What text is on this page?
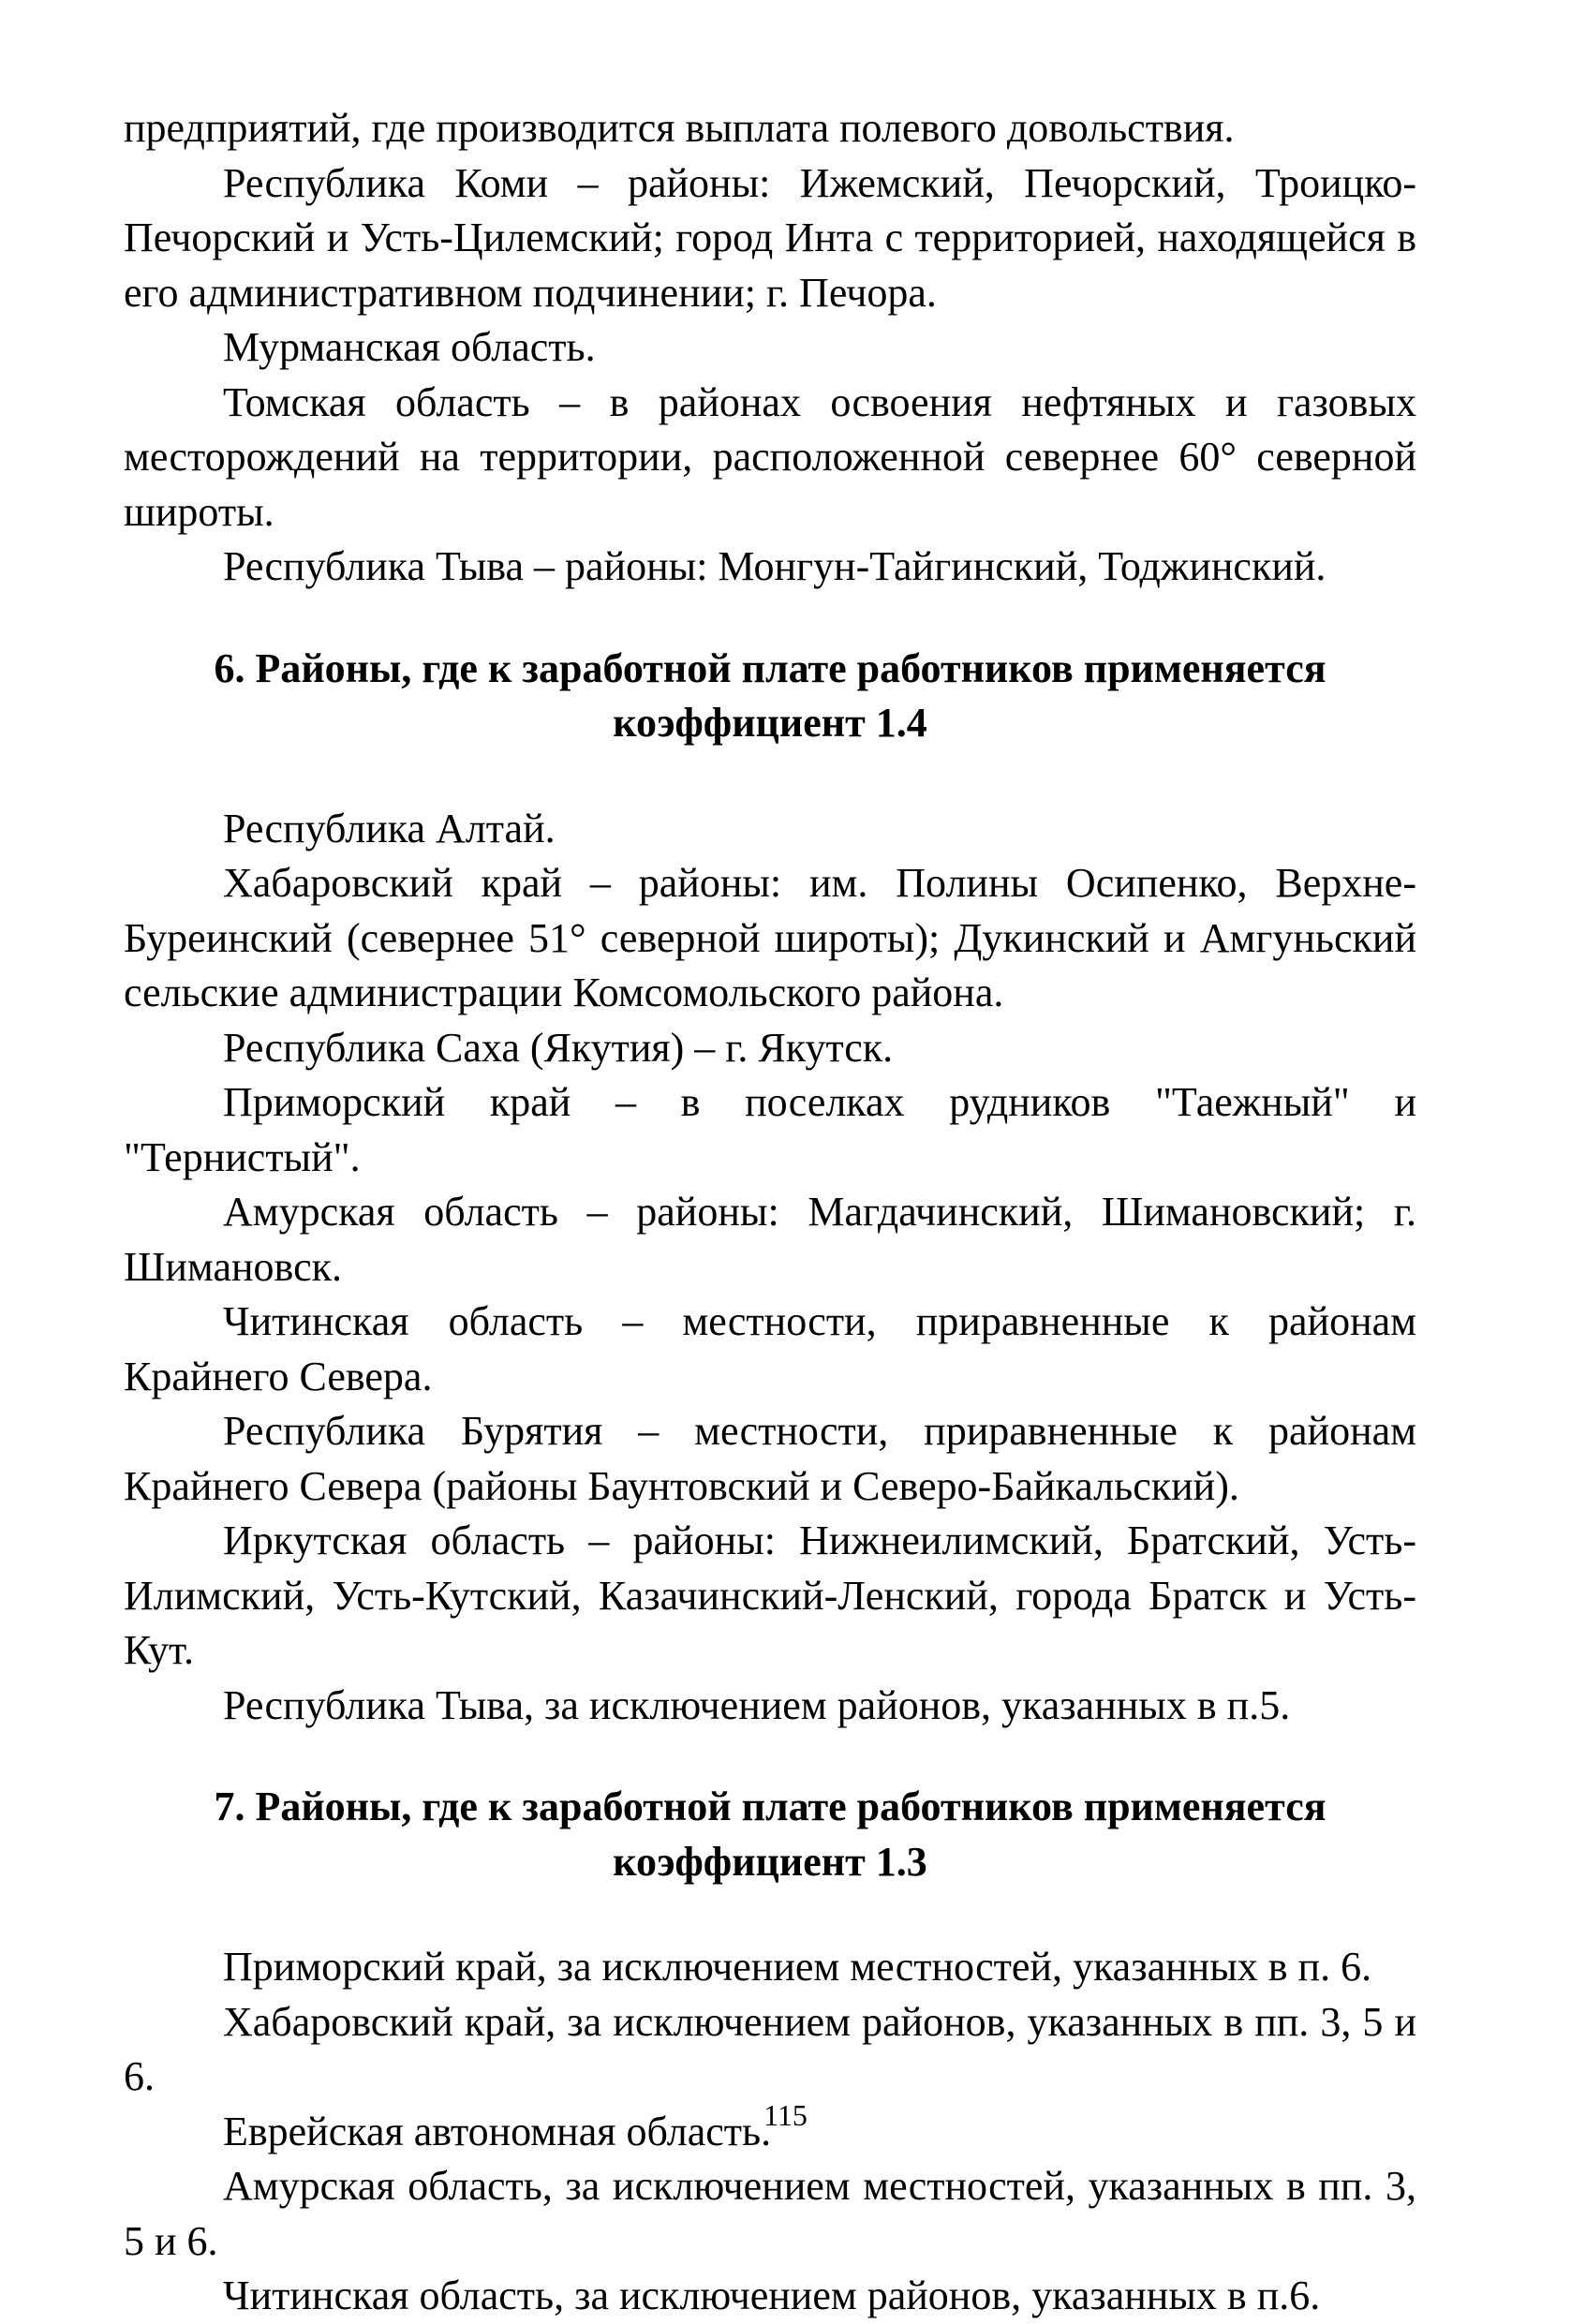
предприятий, где производится выплата полевого довольствия.

Республика Коми – районы: Ижемский, Печорский, Троицко-Печорский и Усть-Цилемский; город Инта с территорией, находящейся в его административном подчинении; г. Печора.

Мурманская область.

Томская область – в районах освоения нефтяных и газовых месторождений на территории, расположенной севернее 60° северной широты.

Республика Тыва – районы: Монгун-Тайгинский, Тоджинский.

6. Районы, где к заработной плате работников применяется
коэффициент 1.4

Республика Алтай.

Хабаровский край – районы: им. Полины Осипенко, Верхне-Буреинский (севернее 51° северной широты); Дукинский и Амгуньский сельские администрации Комсомольского района.

Республика Саха (Якутия) – г. Якутск.

Приморский край – в поселках рудников "Таежный" и "Тернистый".

Амурская область – районы: Магдачинский, Шимановский; г. Шимановск.

Читинская область – местности, приравненные к районам Крайнего Севера.

Республика Бурятия – местности, приравненные к районам Крайнего Севера (районы Баунтовский и Северо-Байкальский).

Иркутская область – районы: Нижнеилимский, Братский, Усть-Илимский, Усть-Кутский, Казачинский-Ленский, города Братск и Усть-Кут.

Республика Тыва, за исключением районов, указанных в п.5.

7. Районы, где к заработной плате работников применяется
коэффициент 1.3

Приморский край, за исключением местностей, указанных в п. 6.

Хабаровский край, за исключением районов, указанных в пп. 3, 5 и 6.

Еврейская автономная область.

Амурская область, за исключением местностей, указанных в пп. 3, 5 и 6.

Читинская область, за исключением районов, указанных в п.6.

115
